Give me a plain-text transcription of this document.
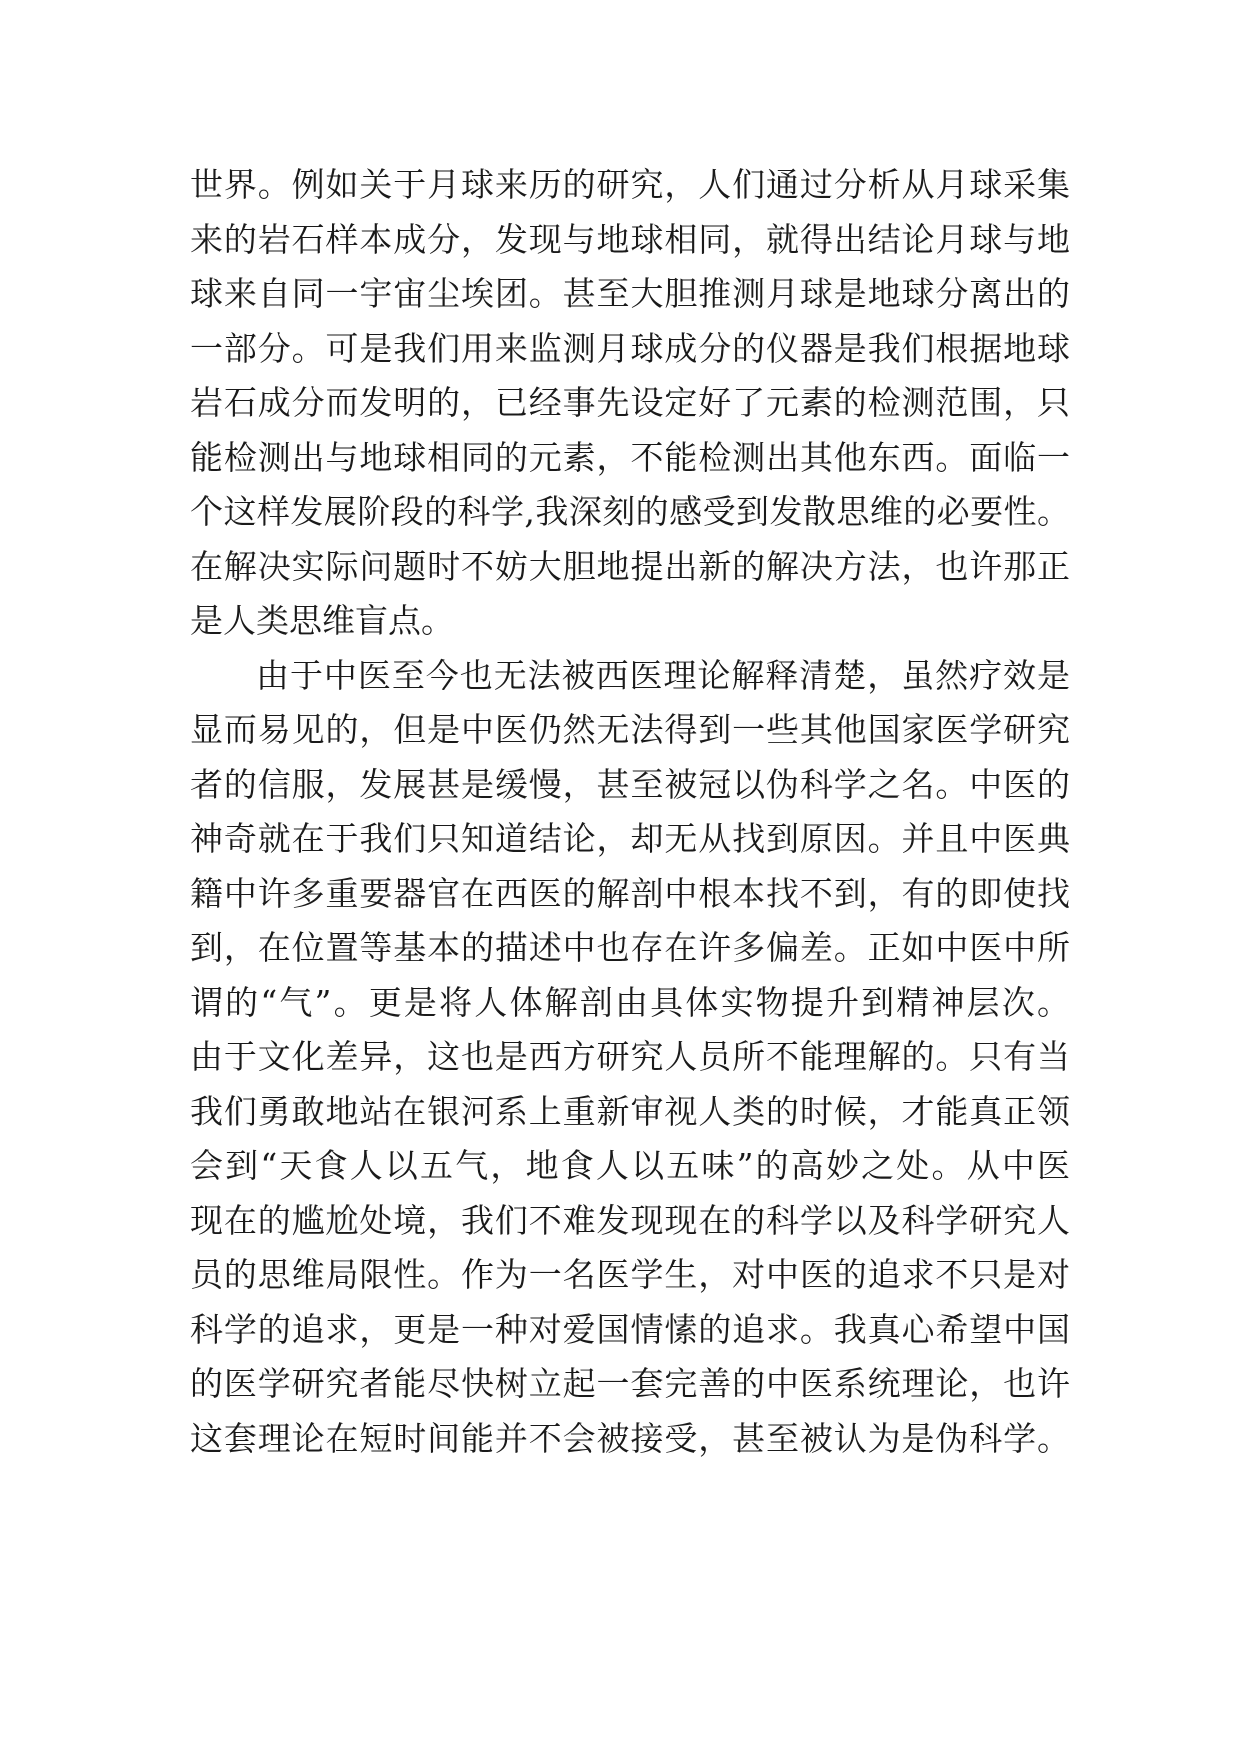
世界。例如关于月球来历的研究，人们通过分析从月球采集
来的岩石样本成分，发现与地球相同，就得出结论月球与地
球来自同一宇宙尘埃团。甚至大胆推测月球是地球分离出的
一部分。可是我们用来监测月球成分的仪器是我们根据地球
岩石成分而发明的，已经事先设定好了元素的检测范围，只
能检测出与地球相同的元素，不能检测出其他东西。面临一
个这样发展阶段的科学,我深刻的感受到发散思维的必要性。
在解决实际问题时不妨大胆地提出新的解决方法，也许那正
是人类思维盲点。
由于中医至今也无法被西医理论解释清楚，虽然疗效是
显而易见的，但是中医仍然无法得到一些其他国家医学研究
者的信服，发展甚是缓慢，甚至被冠以伪科学之名。中医的
神奇就在于我们只知道结论，却无从找到原因。并且中医典
籍中许多重要器官在西医的解剖中根本找不到，有的即使找
到，在位置等基本的描述中也存在许多偏差。正如中医中所
谓的“气”。更是将人体解剖由具体实物提升到精神层次。
由于文化差异，这也是西方研究人员所不能理解的。只有当
我们勇敢地站在银河系上重新审视人类的时候，才能真正领
会到“天食人以五气，地食人以五味”的高妙之处。从中医
现在的尴尬处境，我们不难发现现在的科学以及科学研究人
员的思维局限性。作为一名医学生，对中医的追求不只是对
科学的追求，更是一种对爱国情愫的追求。我真心希望中国
的医学研究者能尽快树立起一套完善的中医系统理论，也许
这套理论在短时间能并不会被接受，甚至被认为是伪科学。
